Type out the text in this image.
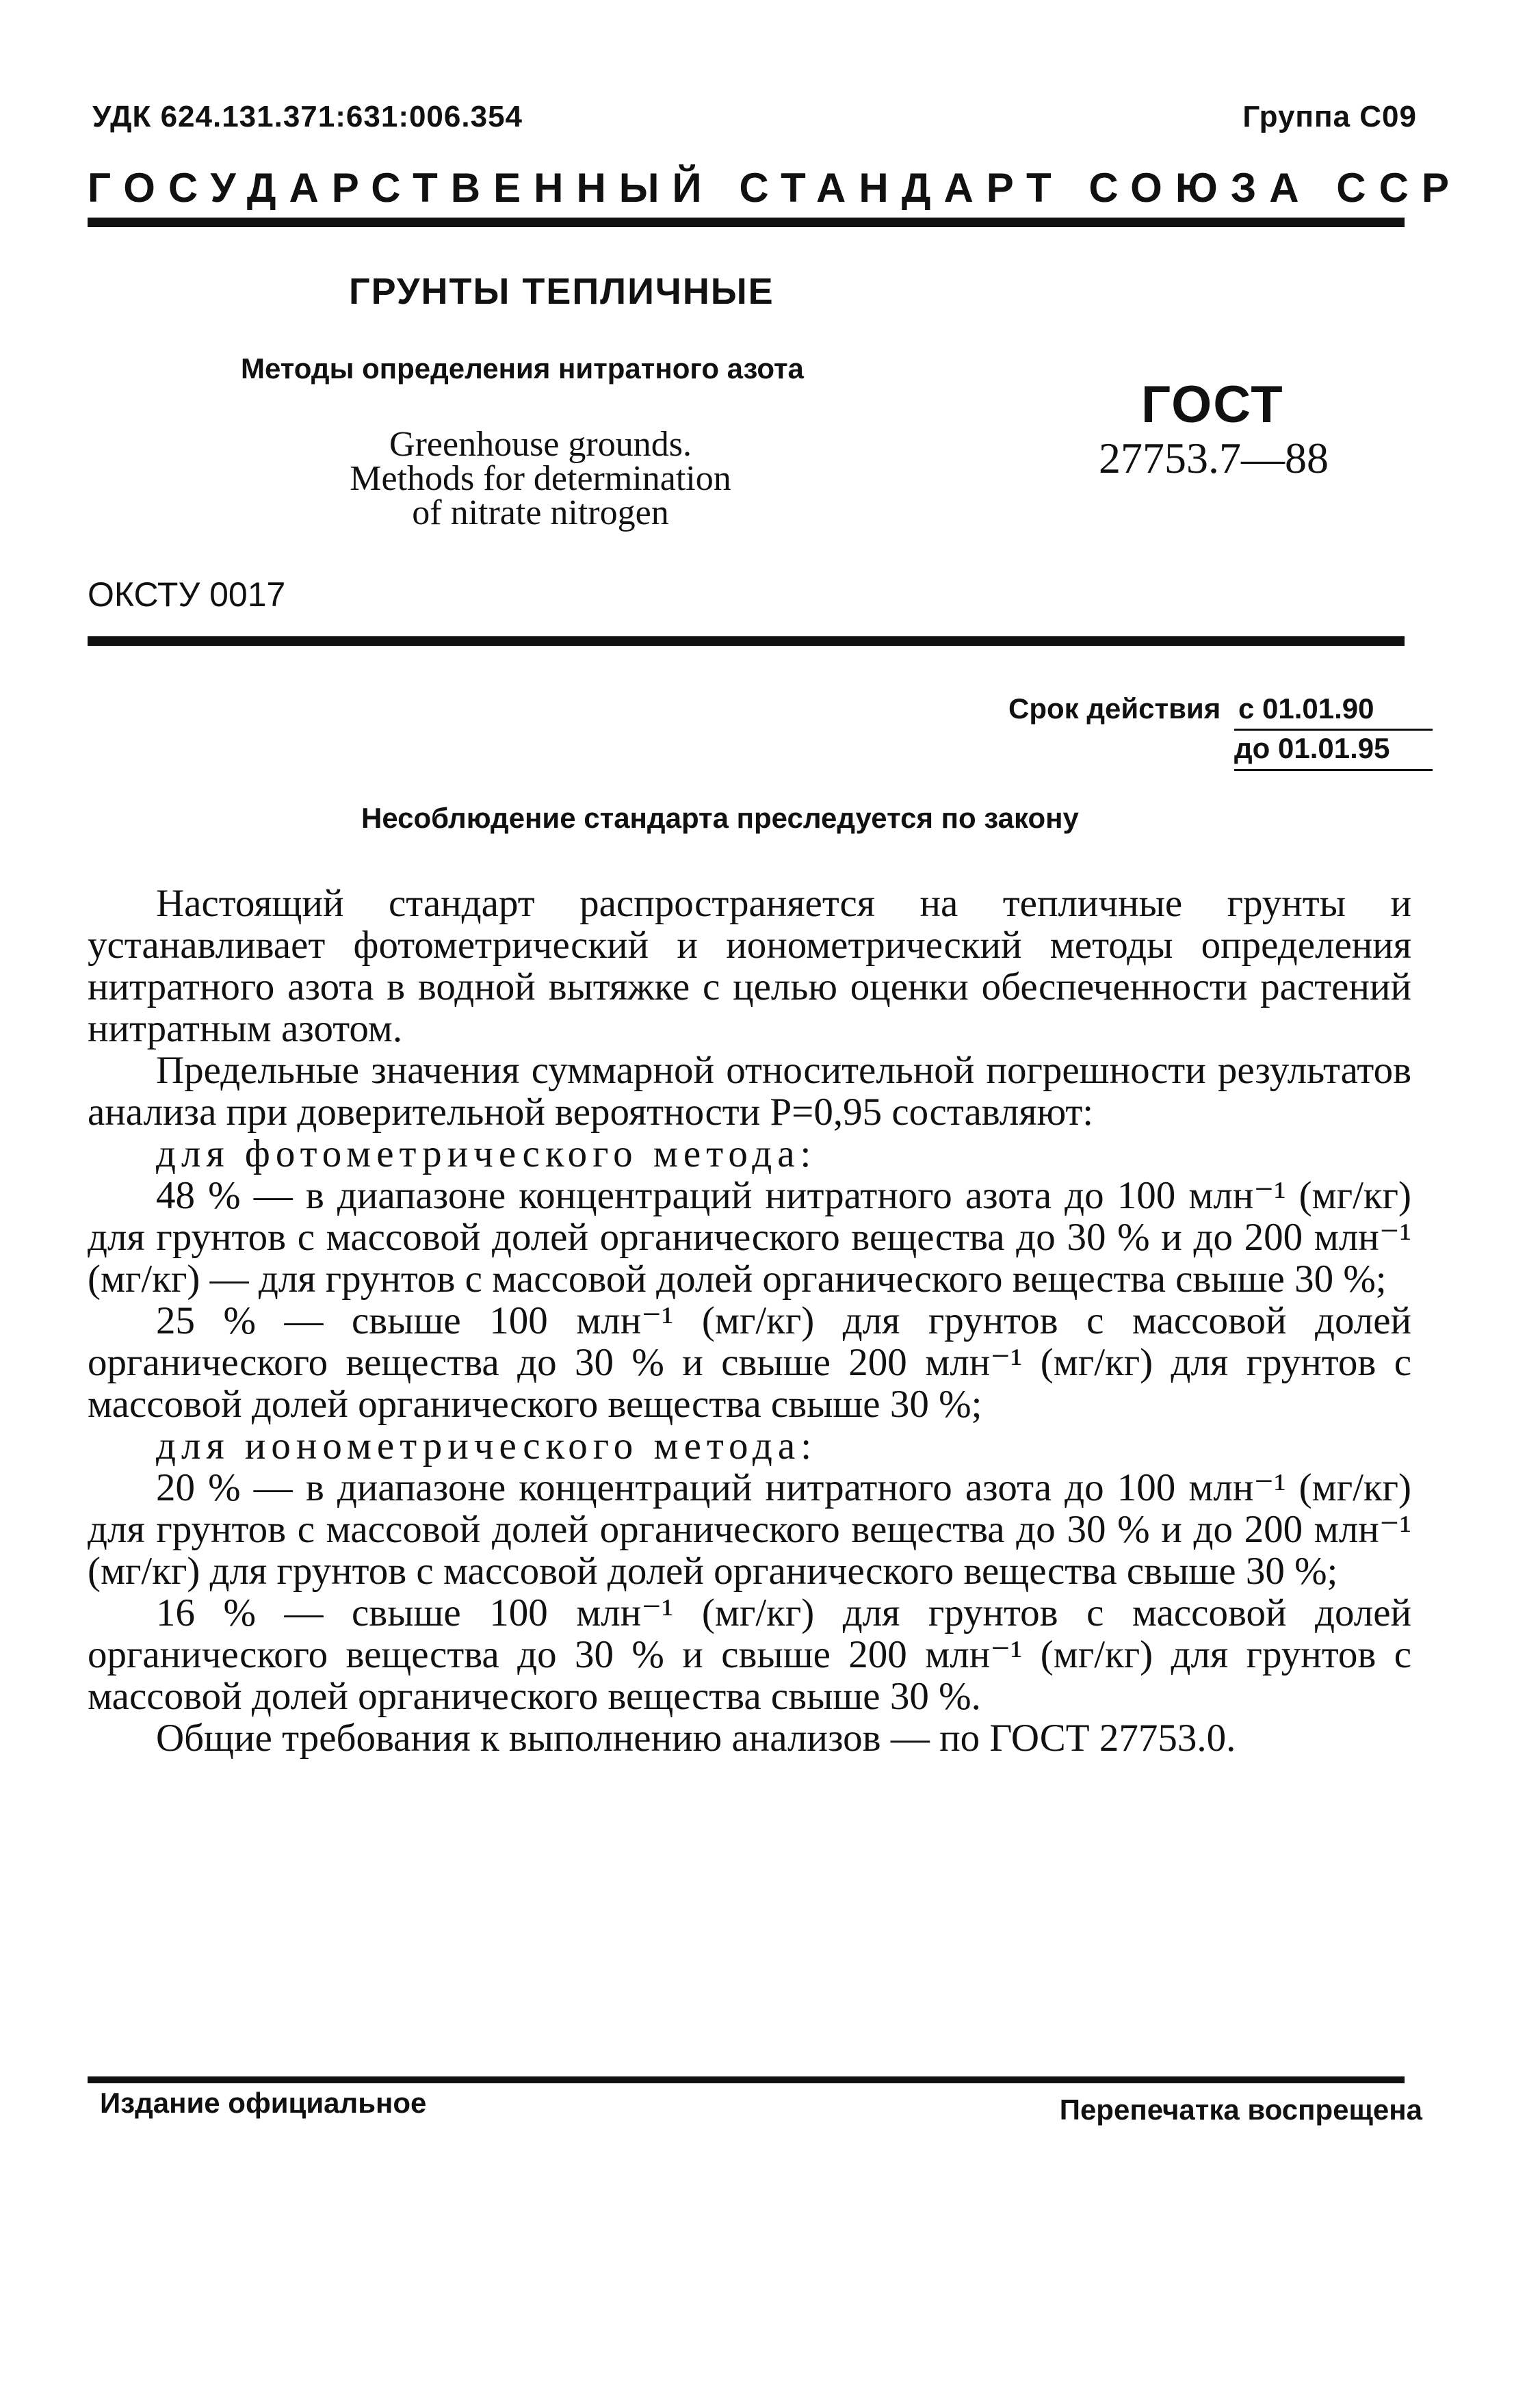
УДК 624.131.371:631:006.354	Группа С09
ГОСУДАРСТВЕННЫЙ СТАНДАРТ СОЮЗА ССР
ГРУНТЫ ТЕПЛИЧНЫЕ
Методы определения нитратного азота
Greenhouse grounds.
Methods for determination
of nitrate nitrogen
ГОСТ
27753.7—88
ОКСТУ 0017
Срок действия с 01.01.90
до 01.01.95
Несоблюдение стандарта преследуется по закону

Настоящий стандарт распространяется на тепличные грунты и устанавливает фотометрический и ионометрический методы определения нитратного азота в водной вытяжке с целью оценки обеспеченности растений нитратным азотом.

Предельные значения суммарной относительной погрешности результатов анализа при доверительной вероятности P=0,95 составляют:

для фотометрического метода:

48 % — в диапазоне концентраций нитратного азота до 100 млн⁻¹ (мг/кг) для грунтов с массовой долей органического вещества до 30 % и до 200 млн⁻¹ (мг/кг) — для грунтов с массовой долей органического вещества свыше 30 %;

25 % — свыше 100 млн⁻¹ (мг/кг) для грунтов с массовой долей органического вещества до 30 % и свыше 200 млн⁻¹ (мг/кг) для грунтов с массовой долей органического вещества свыше 30 %;

для ионометрического метода:

20 % — в диапазоне концентраций нитратного азота до 100 млн⁻¹ (мг/кг) для грунтов с массовой долей органического вещества до 30 % и до 200 млн⁻¹ (мг/кг) для грунтов с массовой долей органического вещества свыше 30 %;

16 % — свыше 100 млн⁻¹ (мг/кг) для грунтов с массовой долей органического вещества до 30 % и свыше 200 млн⁻¹ (мг/кг) для грунтов с массовой долей органического вещества свыше 30 %.

Общие требования к выполнению анализов — по ГОСТ 27753.0.

Издание официальное	Перепечатка воспрещена
